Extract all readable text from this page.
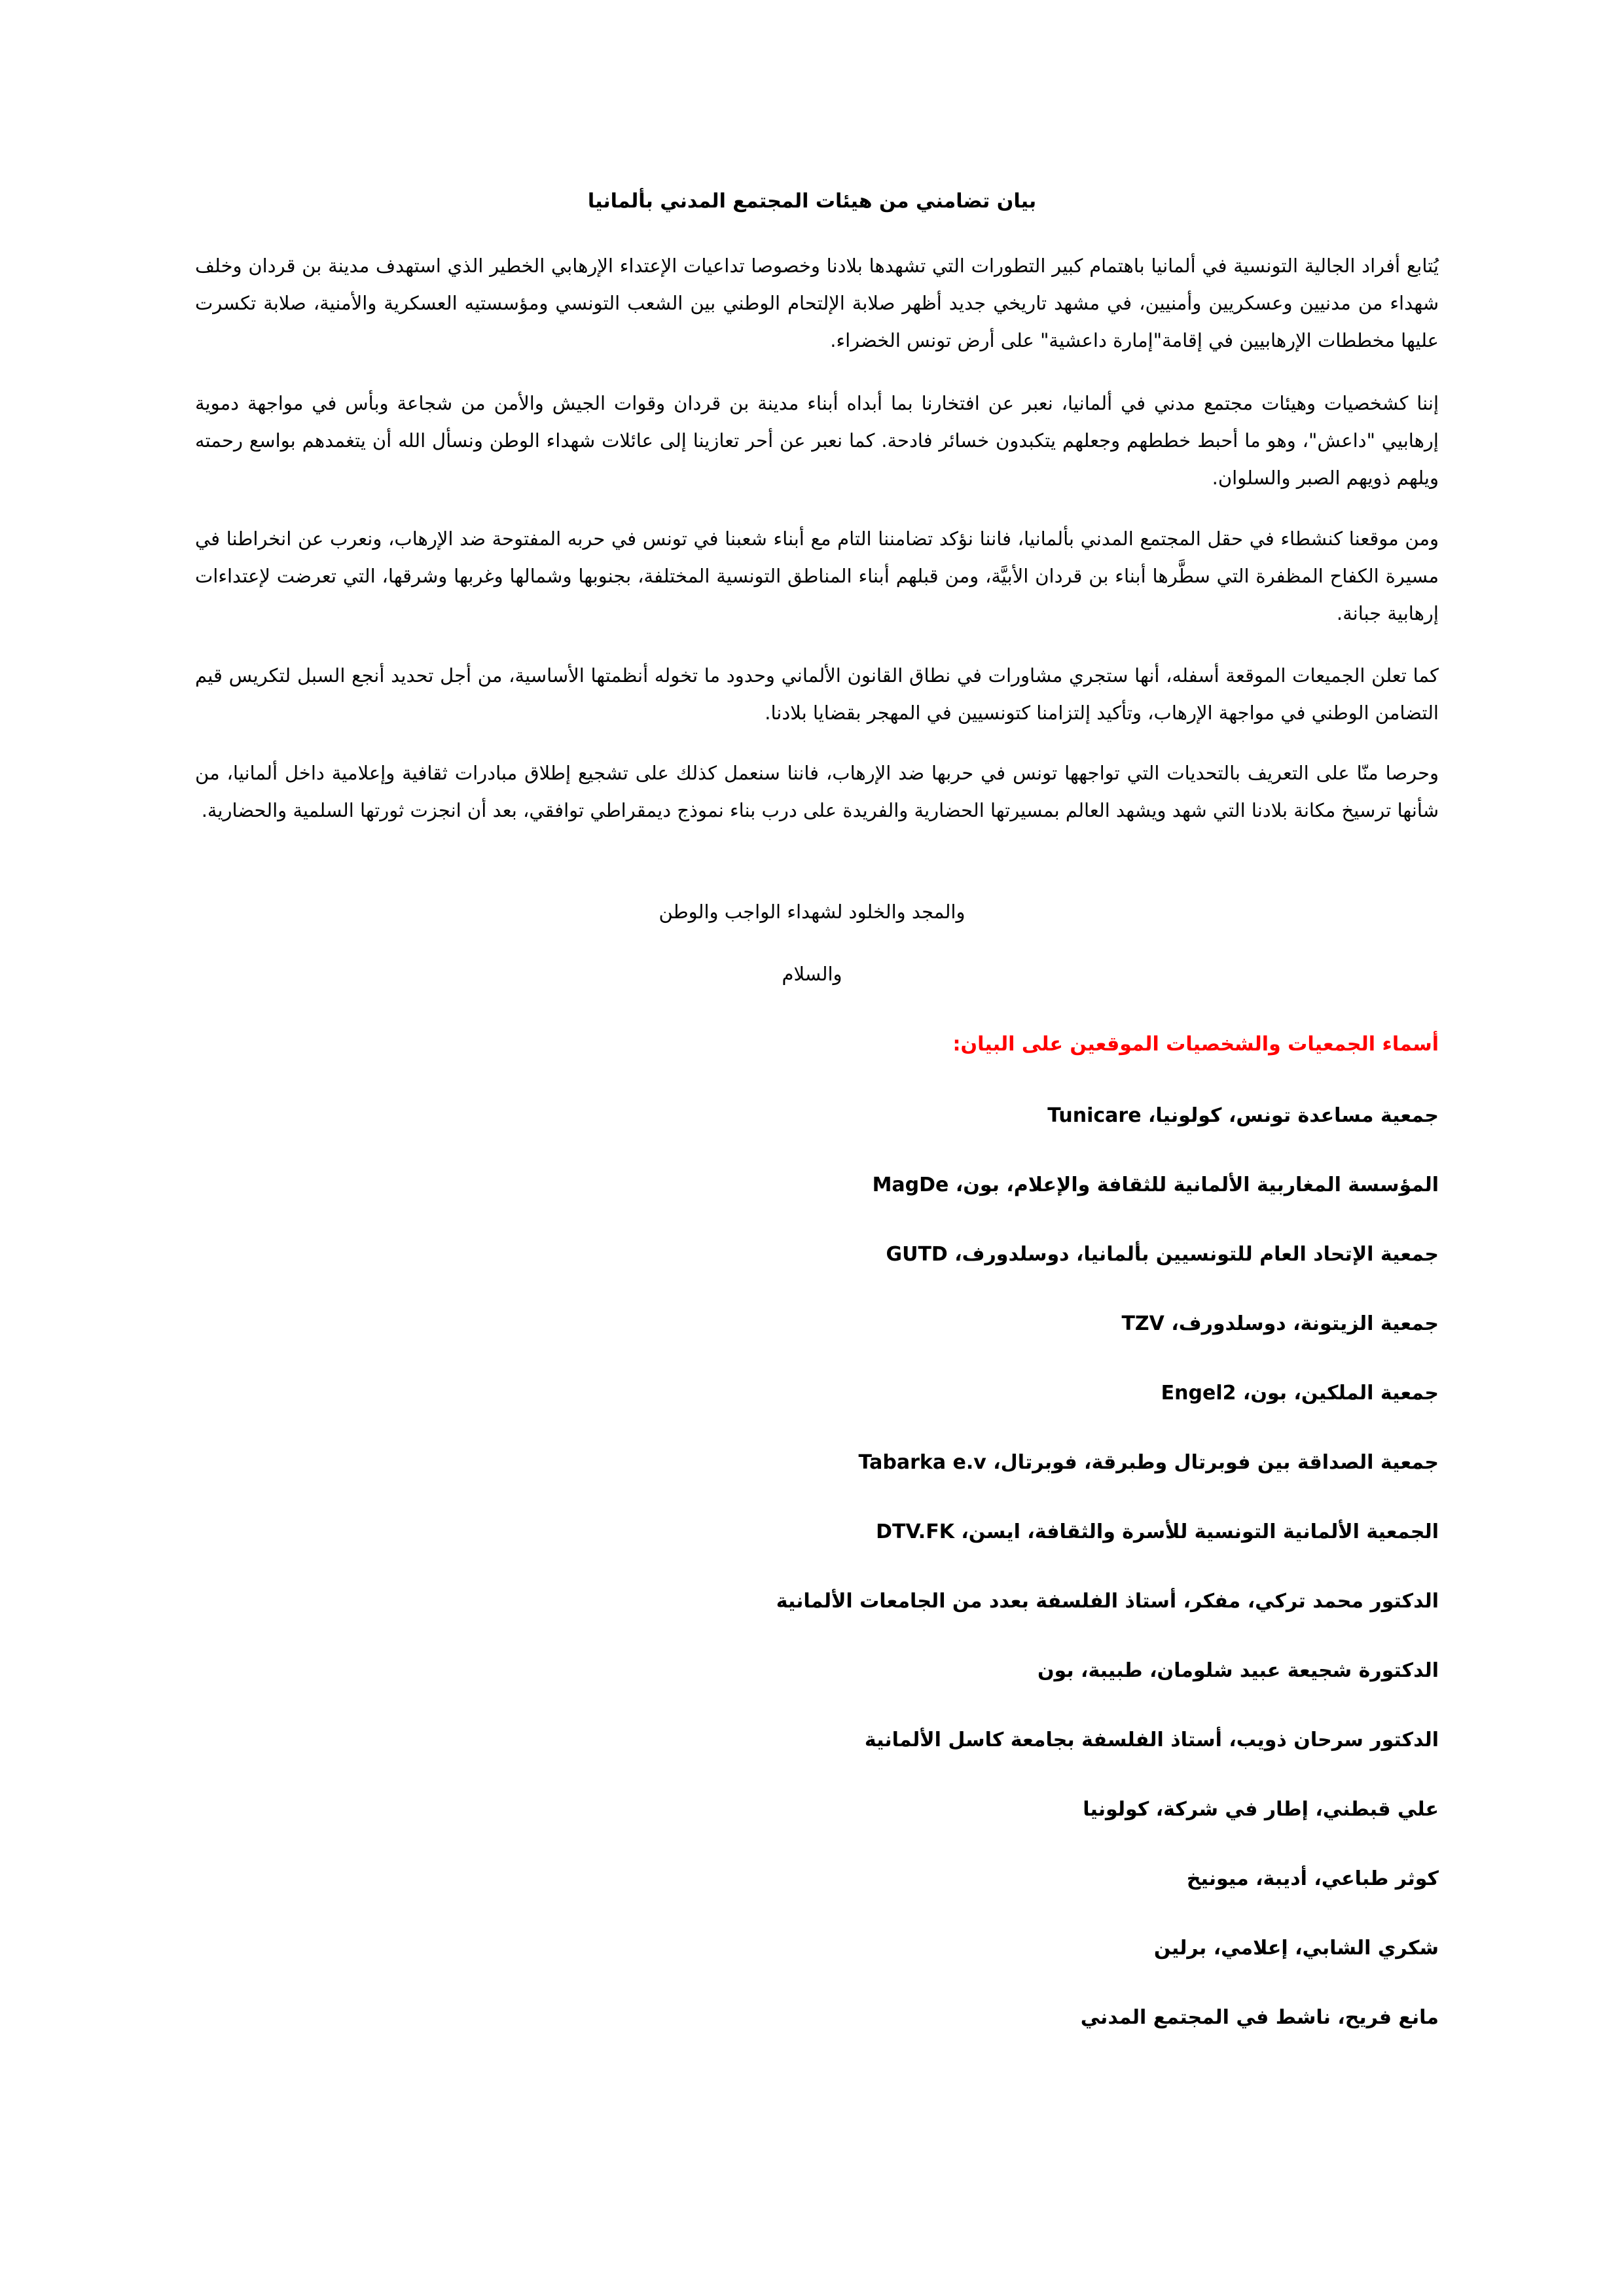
بيان تضامني من هيئات المجتمع المدني بألمانيا

يُتابع أفراد الجالية التونسية في ألمانيا باهتمام كبير التطورات التي تشهدها بلادنا وخصوصا تداعيات الإعتداء الإرهابي الخطير الذي استهدف مدينة بن قردان وخلف شهداء من مدنيين وعسكريين وأمنيين، في مشهد تاريخي جديد أظهر صلابة الإلتحام الوطني بين الشعب التونسي ومؤسستيه العسكرية والأمنية، صلابة تكسرت عليها مخططات الإرهابيين في إقامة"إمارة داعشية" على أرض تونس الخضراء.

إننا كشخصيات وهيئات مجتمع مدني في ألمانيا، نعبر عن افتخارنا بما أبداه أبناء مدينة بن قردان وقوات الجيش والأمن من شجاعة وبأس في مواجهة دموية إرهابيي "داعش"، وهو ما أحبط خططهم وجعلهم يتكبدون خسائر فادحة. كما نعبر عن أحر تعازينا إلى عائلات شهداء الوطن ونسأل الله أن يتغمدهم بواسع رحمته ويلهم ذويهم الصبر والسلوان.

ومن موقعنا كنشطاء في حقل المجتمع المدني بألمانيا، فاننا نؤكد تضامننا التام مع أبناء شعبنا في تونس في حربه المفتوحة ضد الإرهاب، ونعرب عن انخراطنا في مسيرة الكفاح المظفرة التي سطَّرها أبناء بن قردان الأبيَّة، ومن قبلهم أبناء المناطق التونسية المختلفة، بجنوبها وشمالها وغربها وشرقها، التي تعرضت لإعتداءات إرهابية جبانة.

كما تعلن الجميعات الموقعة أسفله، أنها ستجري مشاورات في نطاق القانون الألماني وحدود ما تخوله أنظمتها الأساسية، من أجل تحديد أنجع السبل لتكريس قيم التضامن الوطني في مواجهة الإرهاب، وتأكيد إلتزامنا كتونسيين في المهجر بقضايا بلادنا.

وحرصا منّا على التعريف بالتحديات التي تواجهها تونس في حربها ضد الإرهاب، فاننا سنعمل كذلك على تشجيع إطلاق مبادرات ثقافية وإعلامية داخل ألمانيا، من شأنها ترسيخ مكانة بلادنا التي شهد ويشهد العالم بمسيرتها الحضارية والفريدة على درب بناء نموذج ديمقراطي توافقي، بعد أن انجزت ثورتها السلمية والحضارية.

والمجد والخلود لشهداء الواجب والوطن

والسلام

أسماء الجمعيات والشخصيات الموقعين على البيان:
جمعية مساعدة تونس، كولونيا، Tunicare
المؤسسة المغاربية الألمانية للثقافة والإعلام، بون، MagDe
جمعية الإتحاد العام للتونسيين بألمانيا، دوسلدورف، GUTD
جمعية الزيتونة، دوسلدورف، TZV
جمعية الملكين، بون، Engel2
جمعية الصداقة بين فوبرتال وطبرقة، فوبرتال، Tabarka e.v
الجمعية الألمانية التونسية للأسرة والثقافة، ايسن، DTV.FK
الدكتور محمد تركي، مفكر، أستاذ الفلسفة بعدد من الجامعات الألمانية
الدكتورة شجيعة عبيد شلومان، طبيبة، بون
الدكتور سرحان ذويب، أستاذ الفلسفة بجامعة كاسل الألمانية
علي قبطني، إطار في شركة، كولونيا
كوثر طباعي، أديبة، ميونيخ
شكري الشابي، إعلامي، برلين
مانع فريح، ناشط في المجتمع المدني
